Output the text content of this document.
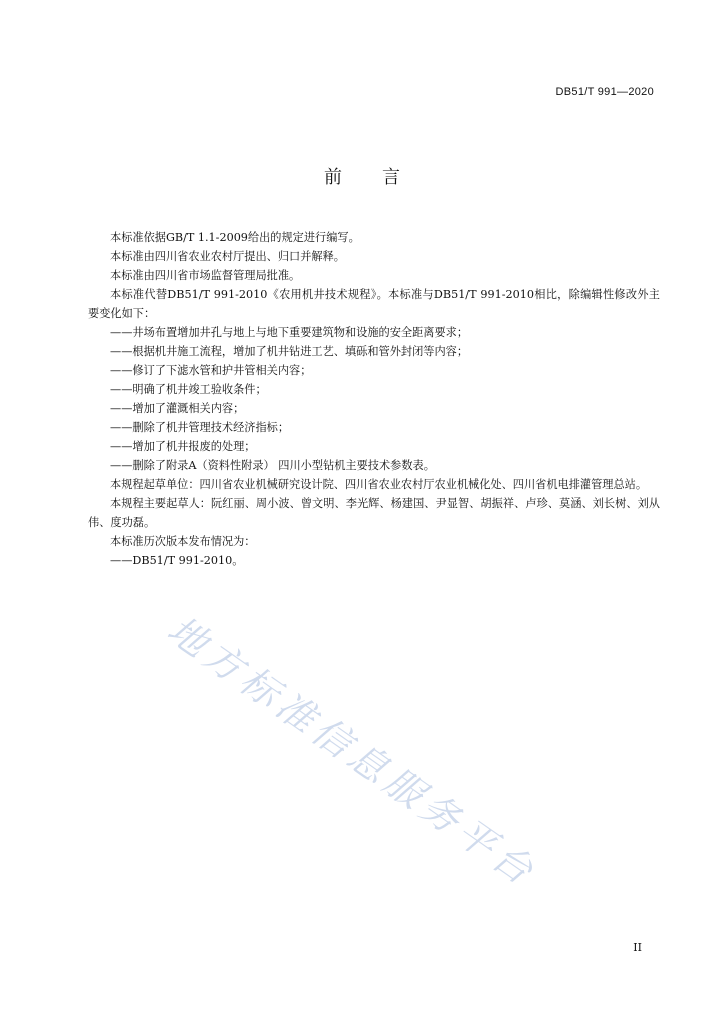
DB51/T 991—2020
前言

本标准依据GB/T 1.1-2009给出的规定进行编写。

本标准由四川省农业农村厅提出、归口并解释。

本标准由四川省市场监督管理局批准。

本标准代替DB51/T 991-2010《农用机井技术规程》。本标准与DB51/T 991-2010相比，除编辑性修改外主要变化如下：

——井场布置增加井孔与地上与地下重要建筑物和设施的安全距离要求；

——根据机井施工流程，增加了机井钻进工艺、填砾和管外封闭等内容；

——修订了下滤水管和护井管相关内容；

——明确了机井竣工验收条件；

——增加了灌溉相关内容；

——删除了机井管理技术经济指标；

——增加了机井报废的处理；

——删除了附录A（资料性附录） 四川小型钻机主要技术参数表。

本规程起草单位：四川省农业机械研究设计院、四川省农业农村厅农业机械化处、四川省机电排灌管理总站。

本规程主要起草人：阮红丽、周小波、曾文明、李光辉、杨建国、尹显智、胡振祥、卢珍、莫涵、刘长树、刘从伟、度功磊。

本标准历次版本发布情况为：

——DB51/T 991-2010。

地方标准信息服务平台
II
